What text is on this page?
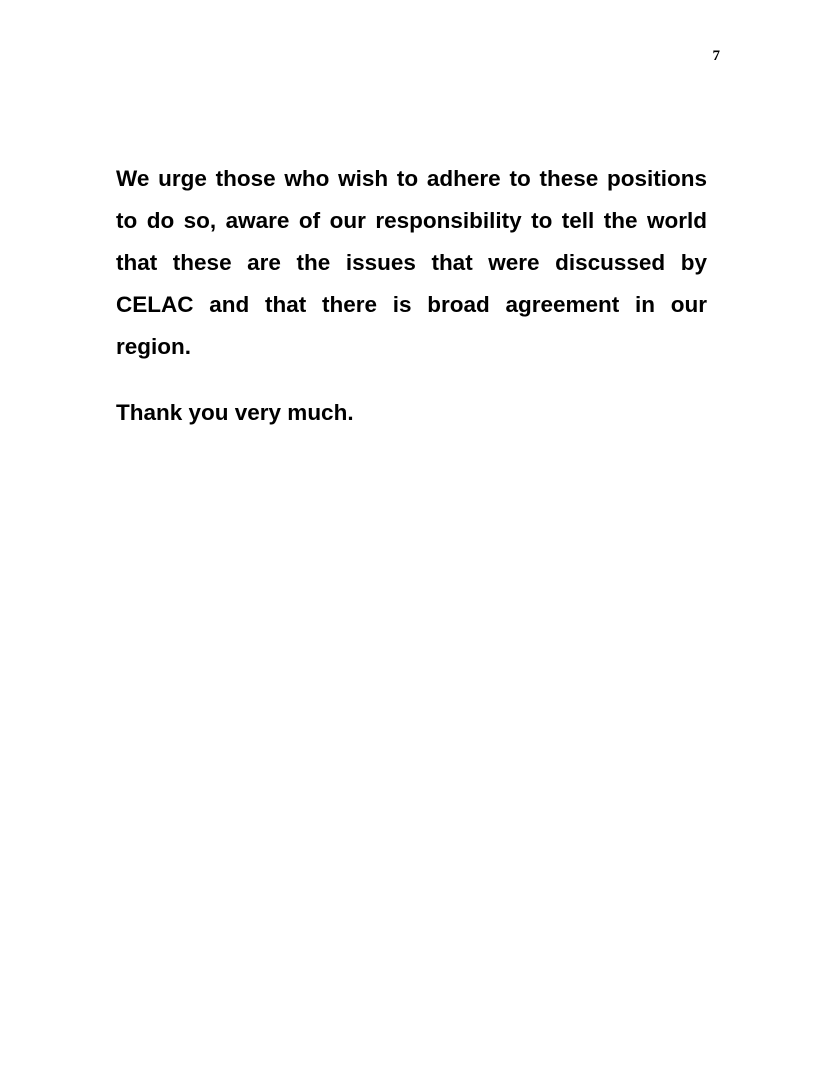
7

We urge those who wish to adhere to these positions to do so, aware of our responsibility to tell the world that these are the issues that were discussed by CELAC and that there is broad agreement in our region.

Thank you very much.
